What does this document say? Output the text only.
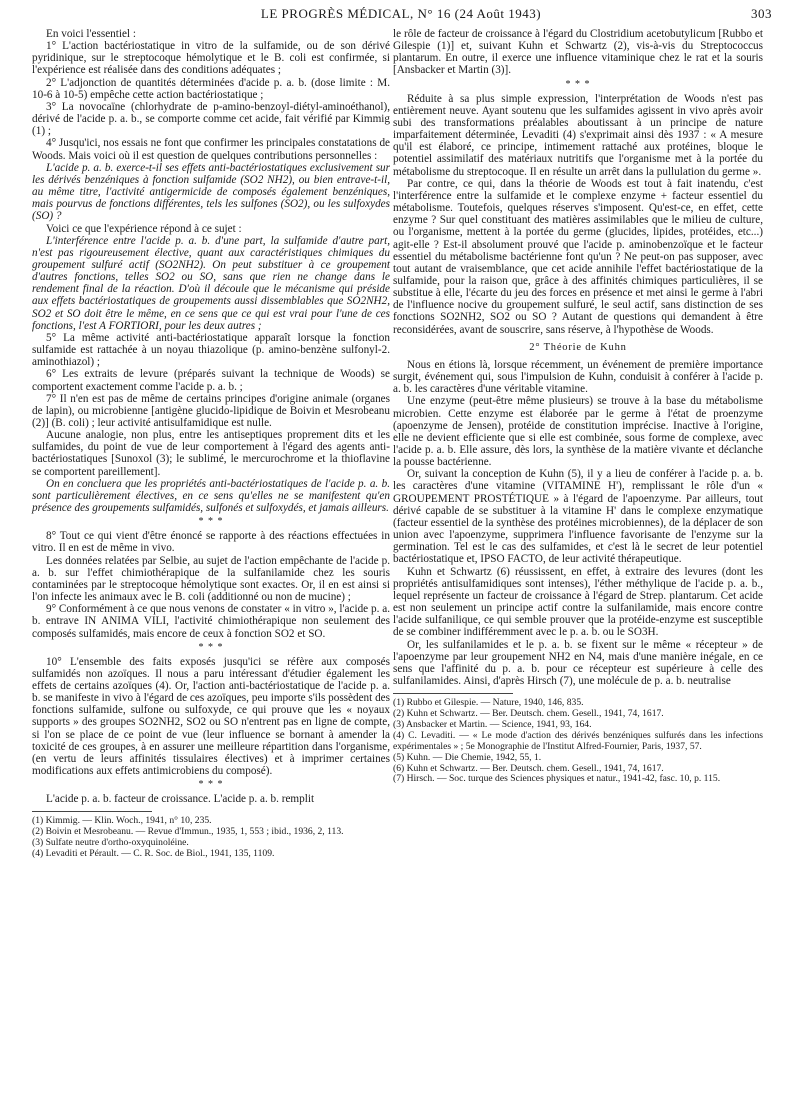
LE PROGRÈS MÉDICAL, N° 16 (24 Août 1943)	303

En voici l'essentiel :

1° L'action bactériostatique in vitro de la sulfamide, ou de son dérivé pyridinique, sur le streptocoque hémolytique et le B. coli est confirmée, si l'expérience est réalisée dans des conditions adéquates ;

2° L'adjonction de quantités déterminées d'acide p. a. b. (dose limite : M. 10-6 à 10-5) empêche cette action bactériostatique ;

3° La novocaïne (chlorhydrate de p-amino-benzoyl-diétyl-aminoéthanol), dérivé de l'acide p. a. b., se comporte comme cet acide, fait vérifié par Kimmig (1) ;

4° Jusqu'ici, nos essais ne font que confirmer les principales constatations de Woods. Mais voici où il est question de quelques contributions personnelles :

L'acide p. a. b. exerce-t-il ses effets anti-bactériostatiques exclusivement sur les dérivés benzéniques à fonction sulfamide (SO2 NH2), ou bien entrave-t-il, au même titre, l'activité antigermicide de composés également benzéniques, mais pourvus de fonctions différentes, tels les sulfones (SO2), ou les sulfoxydes (SO) ?

Voici ce que l'expérience répond à ce sujet :

L'interférence entre l'acide p. a. b. d'une part, la sulfamide d'autre part, n'est pas rigoureusement élective, quant aux caractéristiques chimiques du groupement sulfuré actif (SO2NH2). On peut substituer à ce groupement d'autres fonctions, telles SO2 ou SO, sans que rien ne change dans le rendement final de la réaction. D'où il découle que le mécanisme qui préside aux effets bactériostatiques de groupements aussi dissemblables que SO2NH2, SO2 et SO doit être le même, en ce sens que ce qui est vrai pour l'une de ces fonctions, l'est A FORTIORI, pour les deux autres ;

5° La même activité anti-bactériostatique apparaît lorsque la fonction sulfamide est rattachée à un noyau thiazolique (p. amino-benzène sulfonyl-2. aminothiazol) ;

6° Les extraits de levure (préparés suivant la technique de Woods) se comportent exactement comme l'acide p. a. b. ;

7° Il n'en est pas de même de certains principes d'origine animale (organes de lapin), ou microbienne [antigène glucido-lipidique de Boivin et Mesrobeanu (2)] (B. coli) ; leur activité antisulfamidique est nulle.

Aucune analogie, non plus, entre les antiseptiques proprement dits et les sulfamides, du point de vue de leur comportement à l'égard des agents anti-bactériostatiques [Sunoxol (3); le sublimé, le mercurochrome et la thioflavine se comportent pareillement].

On en concluera que les propriétés anti-bactériostatiques de l'acide p. a. b. sont particulièrement électives, en ce sens qu'elles ne se manifestent qu'en présence des groupements sulfamidés, sulfonés et sulfoxydés, et jamais ailleurs.

* * *

8° Tout ce qui vient d'être énoncé se rapporte à des réactions effectuées in vitro. Il en est de même in vivo.

Les données relatées par Selbie, au sujet de l'action empêchante de l'acide p. a. b. sur l'effet chimiothérapique de la sulfanilamide chez les souris contaminées par le streptocoque hémolytique sont exactes. Or, il en est ainsi si l'on infecte les animaux avec le B. coli (additionné ou non de mucine) ;

9° Conformément à ce que nous venons de constater « in vitro », l'acide p. a. b. entrave IN ANIMA VILI, l'activité chimiothérapique non seulement des composés sulfamidés, mais encore de ceux à fonction SO2 et SO.

* * *

10° L'ensemble des faits exposés jusqu'ici se réfère aux composés sulfamidés non azoïques. Il nous a paru intéressant d'étudier également les effets de certains azoïques (4). Or, l'action anti-bactériostatique de l'acide p. a. b. se manifeste in vivo à l'égard de ces azoïques, peu importe s'ils possèdent des fonctions sulfamide, sulfone ou sulfoxyde, ce qui prouve que les « noyaux supports » des groupes SO2NH2, SO2 ou SO n'entrent pas en ligne de compte, si l'on se place de ce point de vue (leur influence se bornant à amender la toxicité de ces groupes, à en assurer une meilleure répartition dans l'organisme, (en vertu de leurs affinités tissulaires électives) et à imprimer certaines modifications aux effets antimicrobiens du composé).

* * *

L'acide p. a. b. facteur de croissance. L'acide p. a. b. remplit

(1) Kimmig. — Klin. Woch., 1941, n° 10, 235.

(2) Boivin et Mesrobeanu. — Revue d'Immun., 1935, 1, 553 ; ibid., 1936, 2, 113.

(3) Sulfate neutre d'ortho-oxyquinoléine.

(4) Levaditi et Pérault. — C. R. Soc. de Biol., 1941, 135, 1109.

le rôle de facteur de croissance à l'égard du Clostridium acetobutylicum [Rubbo et Gilespie (1)] et, suivant Kuhn et Schwartz (2), vis-à-vis du Streptococcus plantarum. En outre, il exerce une influence vitaminique chez le rat et la souris [Ansbacker et Martin (3)].

* * *

Réduite à sa plus simple expression, l'interprétation de Woods n'est pas entièrement neuve. Ayant soutenu que les sulfamides agissent in vivo après avoir subi des transformations préalables aboutissant à un principe de nature imparfaitement déterminée, Levaditi (4) s'exprimait ainsi dès 1937 : « A mesure qu'il est élaboré, ce principe, intimement rattaché aux protéines, bloque le potentiel assimilatif des matériaux nutritifs que l'organisme met à la portée du métabolisme du streptocoque. Il en résulte un arrêt dans la pullulation du germe ».

Par contre, ce qui, dans la théorie de Woods est tout à fait inatendu, c'est l'interférence entre la sulfamide et le complexe enzyme + facteur essentiel du métabolisme. Toutefois, quelques réserves s'imposent. Qu'est-ce, en effet, cette enzyme ? Sur quel constituant des matières assimilables que le milieu de culture, ou l'organisme, mettent à la portée du germe (glucides, lipides, protéides, etc...) agit-elle ? Est-il absolument prouvé que l'acide p. aminobenzoïque et le facteur essentiel du métabolisme bactérienne font qu'un ? Ne peut-on pas supposer, avec tout autant de vraisemblance, que cet acide annihile l'effet bactériostatique de la sulfamide, pour la raison que, grâce à des affinités chimiques particulières, il se substitue à elle, l'écarte du jeu des forces en présence et met ainsi le germe à l'abri de l'influence nocive du groupement sulfuré, le seul actif, sans distinction de ses fonctions SO2NH2, SO2 ou SO ? Autant de questions qui demandent à être reconsidérées, avant de souscrire, sans réserve, à l'hypothèse de Woods.

2° Théorie de Kuhn

Nous en étions là, lorsque récemment, un événement de première importance surgit, événement qui, sous l'impulsion de Kuhn, conduisit à conférer à l'acide p. a. b. les caractères d'une véritable vitamine.

Une enzyme (peut-être même plusieurs) se trouve à la base du métabolisme microbien. Cette enzyme est élaborée par le germe à l'état de proenzyme (apoenzyme de Jensen), protéide de constitution imprécise. Inactive à l'origine, elle ne devient efficiente que si elle est combinée, sous forme de complexe, avec l'acide p. a. b. Elle assure, dès lors, la synthèse de la matière vivante et déclanche la pousse bactérienne.

Or, suivant la conception de Kuhn (5), il y a lieu de conférer à l'acide p. a. b. les caractères d'une vitamine (VITAMINE H'), remplissant le rôle d'un « GROUPEMENT PROSTÉTIQUE » à l'égard de l'apoenzyme. Par ailleurs, tout dérivé capable de se substituer à la vitamine H' dans le complexe enzymatique (facteur essentiel de la synthèse des protéines microbiennes), de la déplacer de son union avec l'apoenzyme, supprimera l'influence favorisante de l'enzyme sur la germination. Tel est le cas des sulfamides, et c'est là le secret de leur potentiel bactériostatique et, IPSO FACTO, de leur activité thérapeutique.

Kuhn et Schwartz (6) réussissent, en effet, à extraire des levures (dont les propriétés antisulfamidiques sont intenses), l'éther méthylique de l'acide p. a. b., lequel représente un facteur de croissance à l'égard de Strep. plantarum. Cet acide est non seulement un principe actif contre la sulfanilamide, mais encore contre l'acide sulfanilique, ce qui semble prouver que la protéide-enzyme est susceptible de se combiner indifféremment avec le p. a. b. ou le SO3H.

Or, les sulfanilamides et le p. a. b. se fixent sur le même « récepteur » de l'apoenzyme par leur groupement NH2 en N4, mais d'une manière inégale, en ce sens que l'affinité du p. a. b. pour ce récepteur est supérieure à celle des sulfanilamides. Ainsi, d'après Hirsch (7), une molécule de p. a. b. neutralise

(1) Rubbo et Gilespie. — Nature, 1940, 146, 835.

(2) Kuhn et Schwartz. — Ber. Deutsch. chem. Gesell., 1941, 74, 1617.

(3) Ansbacker et Martin. — Science, 1941, 93, 164.

(4) C. Levaditi. — « Le mode d'action des dérivés benzéniques sulfurés dans les infections expérimentales » ; 5e Monographie de l'Institut Alfred-Fournier, Paris, 1937, 57.

(5) Kuhn. — Die Chemie, 1942, 55, 1.

(6) Kuhn et Schwartz. — Ber. Deutsch. chem. Gesell., 1941, 74, 1617.

(7) Hirsch. — Soc. turque des Sciences physiques et natur., 1941-42, fasc. 10, p. 115.
